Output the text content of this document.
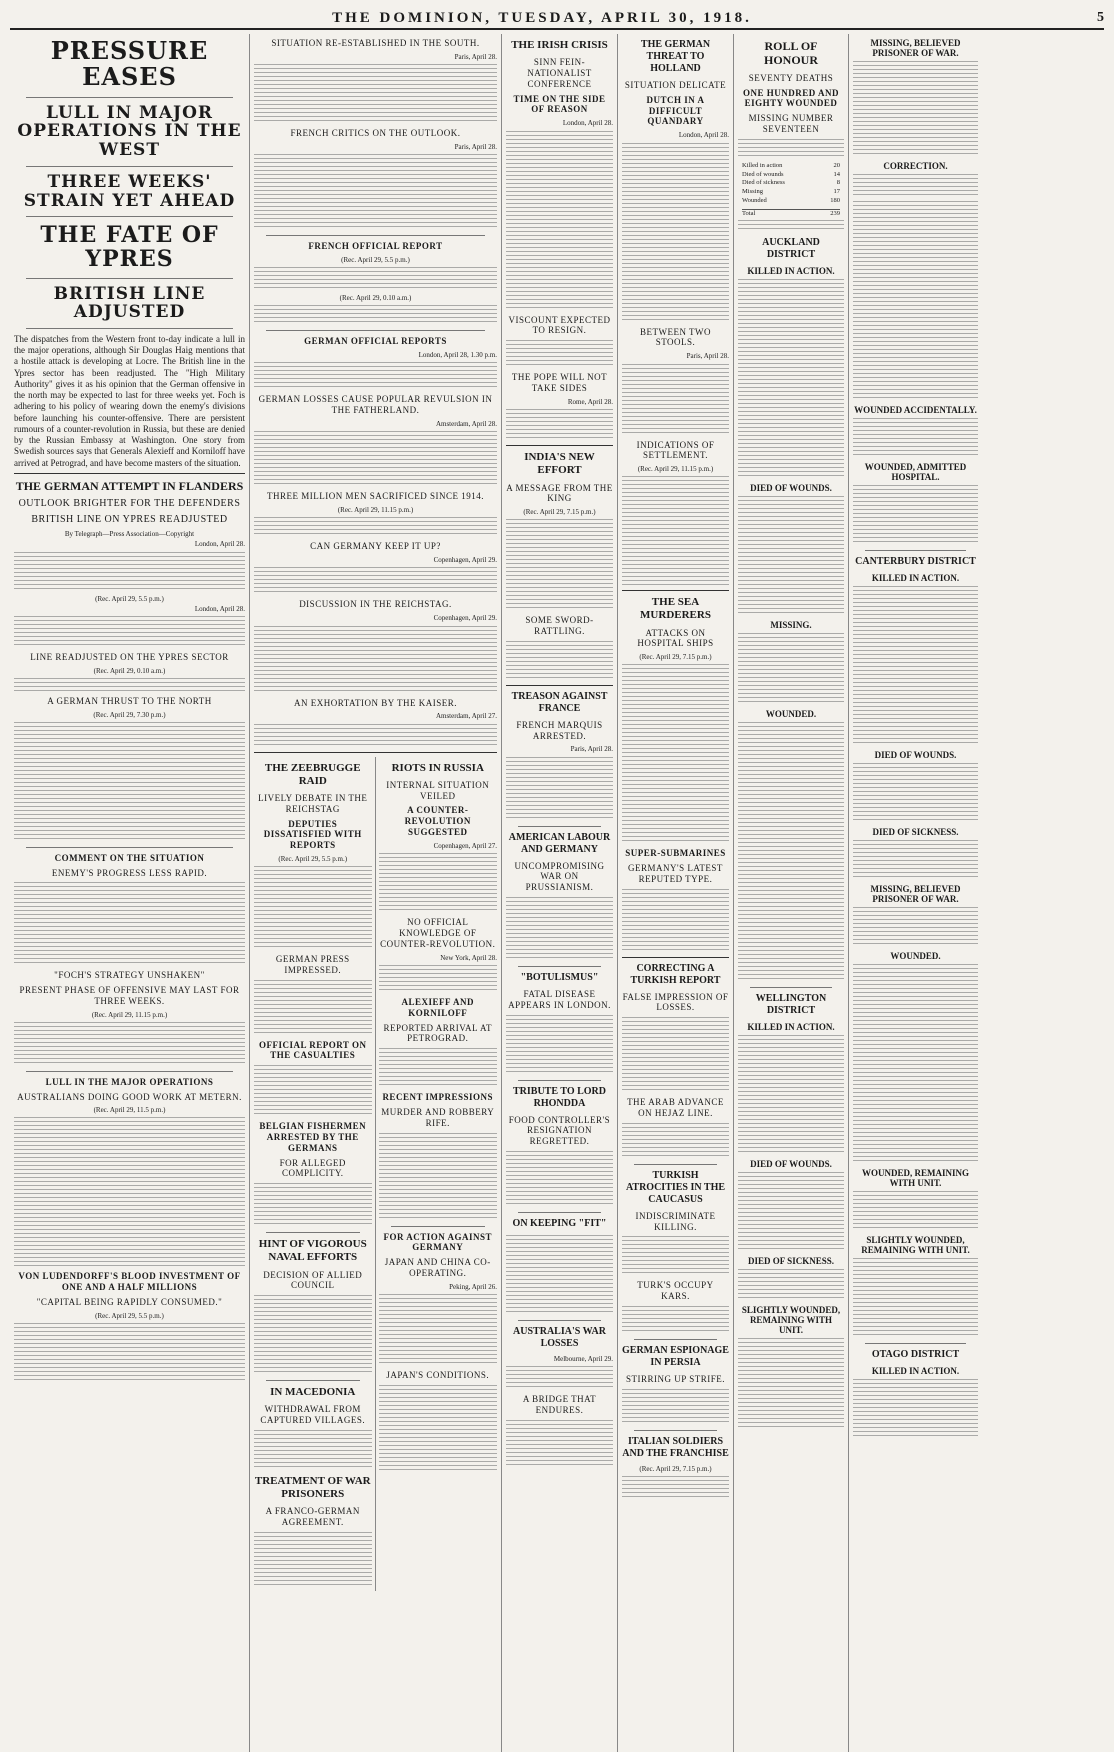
THE DOMINION, TUESDAY, APRIL 30, 1918.	5
PRESSURE EASES
LULL IN MAJOR OPERATIONS IN THE WEST
THREE WEEKS' STRAIN YET AHEAD
THE FATE OF YPRES
BRITISH LINE ADJUSTED
The dispatches from the Western front to-day indicate a lull in the major operations, although Sir Douglas Haig mentions that a hostile attack is developing at Locre. The British line in the Ypres sector has been readjusted. The "High Military Authority" gives it as his opinion that the German offensive in the north may be expected to last for three weeks yet. Foch is adhering to his policy of wearing down the enemy's divisions before launching his counter-offensive. There are persistent rumours of a counter-revolution in Russia, but these are denied by the Russian Embassy at Washington. One story from Swedish sources says that Generals Alexieff and Korniloff have arrived at Petrograd, and have become masters of the situation.
THE GERMAN ATTEMPT IN FLANDERS
OUTLOOK BRIGHTER FOR THE DEFENDERS
BRITISH LINE ON YPRES READJUSTED
By Telegraph—Press Association—Copyright
London, April 28.
(Rec. April 29, 5.5 p.m.)
London, April 28.
LINE READJUSTED ON THE YPRES SECTOR
(Rec. April 29, 0.10 a.m.)
A GERMAN THRUST TO THE NORTH
(Rec. April 29, 7.30 p.m.)
COMMENT ON THE SITUATION
ENEMY'S PROGRESS LESS RAPID.
"FOCH'S STRATEGY UNSHAKEN"
PRESENT PHASE OF OFFENSIVE MAY LAST FOR THREE WEEKS.
(Rec. April 29, 11.15 p.m.)
LULL IN THE MAJOR OPERATIONS
AUSTRALIANS DOING GOOD WORK AT METERN.
(Rec. April 29, 11.5 p.m.)
VON LUDENDORFF'S BLOOD INVESTMENT OF ONE AND A HALF MILLIONS
"CAPITAL BEING RAPIDLY CONSUMED."
(Rec. April 29, 5.5 p.m.)
SITUATION RE-ESTABLISHED IN THE SOUTH.
Paris, April 28.
FRENCH CRITICS ON THE OUTLOOK.
Paris, April 28.
FRENCH OFFICIAL REPORT
(Rec. April 29, 5.5 p.m.)
(Rec. April 29, 0.10 a.m.)
GERMAN OFFICIAL REPORTS
London, April 28, 1.30 p.m.
GERMAN LOSSES CAUSE POPULAR REVULSION IN THE FATHERLAND.
Amsterdam, April 28.
THREE MILLION MEN SACRIFICED SINCE 1914.
(Rec. April 29, 11.15 p.m.)
CAN GERMANY KEEP IT UP?
Copenhagen, April 29.
DISCUSSION IN THE REICHSTAG.
Copenhagen, April 29.
AN EXHORTATION BY THE KAISER.
Amsterdam, April 27.
THE ZEEBRUGGE RAID
LIVELY DEBATE IN THE REICHSTAG
DEPUTIES DISSATISFIED WITH REPORTS
(Rec. April 29, 5.5 p.m.)
GERMAN PRESS IMPRESSED.
OFFICIAL REPORT ON THE CASUALTIES
BELGIAN FISHERMEN ARRESTED BY THE GERMANS
FOR ALLEGED COMPLICITY.
HINT OF VIGOROUS NAVAL EFFORTS
DECISION OF ALLIED COUNCIL
IN MACEDONIA
WITHDRAWAL FROM CAPTURED VILLAGES.
TREATMENT OF WAR PRISONERS
A FRANCO-GERMAN AGREEMENT.
RIOTS IN RUSSIA
INTERNAL SITUATION VEILED
A COUNTER-REVOLUTION SUGGESTED
Copenhagen, April 27.
NO OFFICIAL KNOWLEDGE OF COUNTER-REVOLUTION.
New York, April 28.
ALEXIEFF AND KORNILOFF
REPORTED ARRIVAL AT PETROGRAD.
RECENT IMPRESSIONS
MURDER AND ROBBERY RIFE.
FOR ACTION AGAINST GERMANY
JAPAN AND CHINA CO-OPERATING.
Peking, April 26.
JAPAN'S CONDITIONS.
THE IRISH CRISIS
SINN FEIN-NATIONALIST CONFERENCE
TIME ON THE SIDE OF REASON
London, April 28.
VISCOUNT EXPECTED TO RESIGN.
THE POPE WILL NOT TAKE SIDES
Rome, April 28.
INDIA'S NEW EFFORT
A MESSAGE FROM THE KING
(Rec. April 29, 7.15 p.m.)
SOME SWORD-RATTLING.
TREASON AGAINST FRANCE
FRENCH MARQUIS ARRESTED.
Paris, April 28.
AMERICAN LABOUR AND GERMANY
UNCOMPROMISING WAR ON PRUSSIANISM.
"BOTULISMUS"
FATAL DISEASE APPEARS IN LONDON.
TRIBUTE TO LORD RHONDDA
FOOD CONTROLLER'S RESIGNATION REGRETTED.
ON KEEPING "FIT"
AUSTRALIA'S WAR LOSSES
Melbourne, April 29.
A BRIDGE THAT ENDURES.
THE GERMAN THREAT TO HOLLAND
SITUATION DELICATE
DUTCH IN A DIFFICULT QUANDARY
London, April 28.
BETWEEN TWO STOOLS.
Paris, April 28.
INDICATIONS OF SETTLEMENT.
(Rec. April 29, 11.15 p.m.)
THE SEA MURDERERS
ATTACKS ON HOSPITAL SHIPS
(Rec. April 29, 7.15 p.m.)
SUPER-SUBMARINES
GERMANY'S LATEST REPUTED TYPE.
CORRECTING A TURKISH REPORT
FALSE IMPRESSION OF LOSSES.
THE ARAB ADVANCE ON HEJAZ LINE.
TURKISH ATROCITIES IN THE CAUCASUS
INDISCRIMINATE KILLING.
TURK'S OCCUPY KARS.
GERMAN ESPIONAGE IN PERSIA
STIRRING UP STRIFE.
ITALIAN SOLDIERS AND THE FRANCHISE
(Rec. April 29, 7.15 p.m.)
ROLL OF HONOUR
SEVENTY DEATHS
ONE HUNDRED AND EIGHTY WOUNDED
MISSING NUMBER SEVENTEEN
Killed in action	20
Died of wounds	14
Died of sickness	8
Missing	17
Wounded	180
Total	239
AUCKLAND DISTRICT
KILLED IN ACTION.
DIED OF WOUNDS.
MISSING.
WOUNDED.
WELLINGTON DISTRICT
KILLED IN ACTION.
DIED OF WOUNDS.
DIED OF SICKNESS.
SLIGHTLY WOUNDED, REMAINING WITH UNIT.
MISSING, BELIEVED PRISONER OF WAR.
CORRECTION.
WOUNDED ACCIDENTALLY.
WOUNDED, ADMITTED HOSPITAL.
CANTERBURY DISTRICT
KILLED IN ACTION.
DIED OF WOUNDS.
DIED OF SICKNESS.
MISSING, BELIEVED PRISONER OF WAR.
WOUNDED.
WOUNDED, REMAINING WITH UNIT.
SLIGHTLY WOUNDED, REMAINING WITH UNIT.
OTAGO DISTRICT
KILLED IN ACTION.
